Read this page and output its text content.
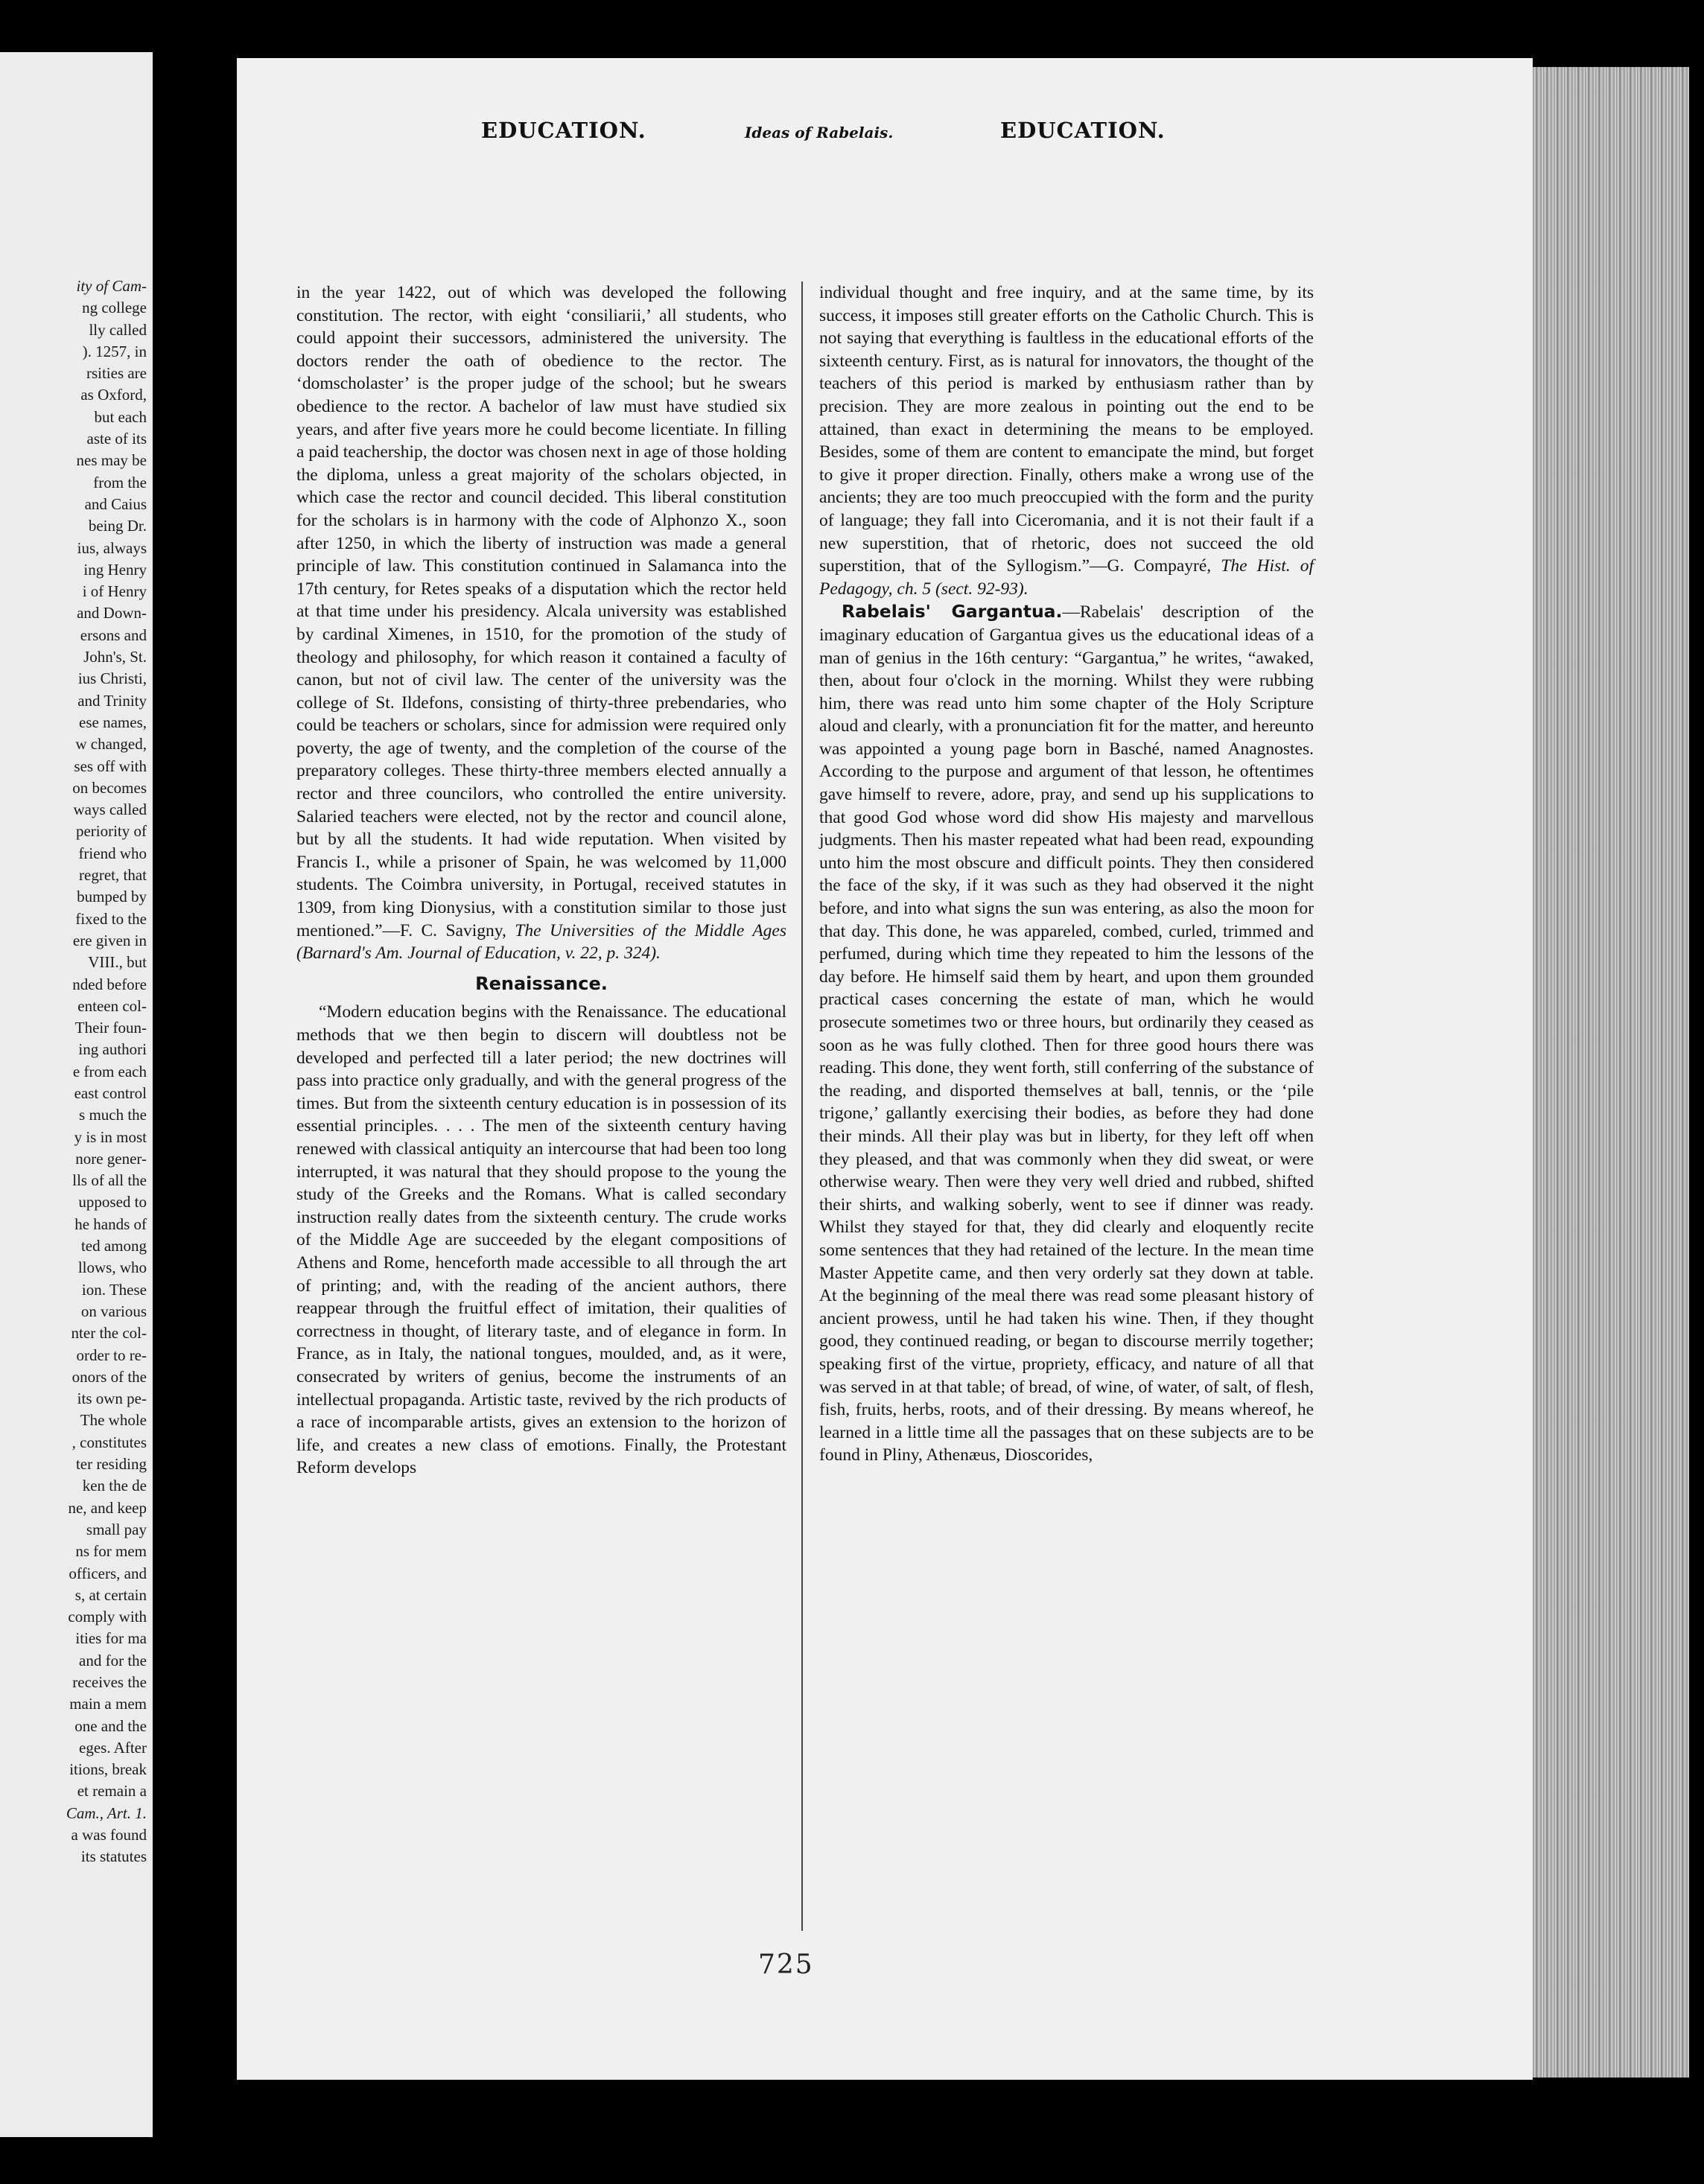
ity of Cam-
ng college
lly called
). 1257, in
rsities are
as Oxford,
but each
aste of its
nes may be
from the
and Caius
being Dr.
ius, always
ing Henry
i of Henry
and Down-
ersons and
John's, St.
ius Christi,
and Trinity
ese names,
w changed,
ses off with
on becomes
ways called
periority of
friend who
regret, that
bumped by
fixed to the
ere given in
VIII., but
nded before
enteen col-
Their foun-
ing authori
e from each
east control
s much the
y is in most
nore gener-
lls of all the
upposed to
he hands of
ted among
llows, who
ion. These
on various
nter the col-
order to re-
onors of the
its own pe-
The whole
, constitutes
ter residing
ken the de
ne, and keep
small pay
ns for mem
officers, and
s, at certain
comply with
ities for ma
and for the
receives the
main a mem
one and the
eges. After
itions, break
et remain a
Cam., Art. 1.
a was found
its statutes
EDUCATION.	Ideas of Rabelais.	EDUCATION.

in the year 1422, out of which was developed the following constitution. The rector, with eight ‘consiliarii,’ all students, who could appoint their successors, administered the university. The doctors render the oath of obedience to the rector. The ‘domscholaster’ is the proper judge of the school; but he swears obedience to the rector. A bachelor of law must have studied six years, and after five years more he could become licentiate. In filling a paid teachership, the doctor was chosen next in age of those holding the diploma, unless a great majority of the scholars objected, in which case the rector and council decided. This liberal constitution for the scholars is in harmony with the code of Alphonzo X., soon after 1250, in which the liberty of instruction was made a general principle of law. This constitution continued in Salamanca into the 17th century, for Retes speaks of a disputation which the rector held at that time under his presidency. Alcala university was established by cardinal Ximenes, in 1510, for the promotion of the study of theology and philosophy, for which reason it contained a faculty of canon, but not of civil law. The center of the university was the college of St. Ildefons, consisting of thirty-three prebendaries, who could be teachers or scholars, since for admission were required only poverty, the age of twenty, and the completion of the course of the preparatory colleges. These thirty-three members elected annually a rector and three councilors, who controlled the entire university. Salaried teachers were elected, not by the rector and council alone, but by all the students. It had wide reputation. When visited by Francis I., while a prisoner of Spain, he was welcomed by 11,000 students. The Coimbra university, in Portugal, received statutes in 1309, from king Dionysius, with a constitution similar to those just mentioned.”—F. C. Savigny, The Universities of the Middle Ages (Barnard's Am. Journal of Education, v. 22, p. 324).

Renaissance.

“Modern education begins with the Renaissance. The educational methods that we then begin to discern will doubtless not be developed and perfected till a later period; the new doctrines will pass into practice only gradually, and with the general progress of the times. But from the sixteenth century education is in possession of its essential principles. . . . The men of the sixteenth century having renewed with classical antiquity an intercourse that had been too long interrupted, it was natural that they should propose to the young the study of the Greeks and the Romans. What is called secondary instruction really dates from the sixteenth century. The crude works of the Middle Age are succeeded by the elegant compositions of Athens and Rome, henceforth made accessible to all through the art of printing; and, with the reading of the ancient authors, there reappear through the fruitful effect of imitation, their qualities of correctness in thought, of literary taste, and of elegance in form. In France, as in Italy, the national tongues, moulded, and, as it were, consecrated by writers of genius, become the instruments of an intellectual propaganda. Artistic taste, revived by the rich products of a race of incomparable artists, gives an extension to the horizon of life, and creates a new class of emotions. Finally, the Protestant Reform develops

individual thought and free inquiry, and at the same time, by its success, it imposes still greater efforts on the Catholic Church. This is not saying that everything is faultless in the educational efforts of the sixteenth century. First, as is natural for innovators, the thought of the teachers of this period is marked by enthusiasm rather than by precision. They are more zealous in pointing out the end to be attained, than exact in determining the means to be employed. Besides, some of them are content to emancipate the mind, but forget to give it proper direction. Finally, others make a wrong use of the ancients; they are too much preoccupied with the form and the purity of language; they fall into Ciceromania, and it is not their fault if a new superstition, that of rhetoric, does not succeed the old superstition, that of the Syllogism.”—G. Compayré, The Hist. of Pedagogy, ch. 5 (sect. 92-93).

Rabelais' Gargantua.—Rabelais' description of the imaginary education of Gargantua gives us the educational ideas of a man of genius in the 16th century: “Gargantua,” he writes, “awaked, then, about four o'clock in the morning. Whilst they were rubbing him, there was read unto him some chapter of the Holy Scripture aloud and clearly, with a pronunciation fit for the matter, and hereunto was appointed a young page born in Basché, named Anagnostes. According to the purpose and argument of that lesson, he oftentimes gave himself to revere, adore, pray, and send up his supplications to that good God whose word did show His majesty and marvellous judgments. Then his master repeated what had been read, expounding unto him the most obscure and difficult points. They then considered the face of the sky, if it was such as they had observed it the night before, and into what signs the sun was entering, as also the moon for that day. This done, he was appareled, combed, curled, trimmed and perfumed, during which time they repeated to him the lessons of the day before. He himself said them by heart, and upon them grounded practical cases concerning the estate of man, which he would prosecute sometimes two or three hours, but ordinarily they ceased as soon as he was fully clothed. Then for three good hours there was reading. This done, they went forth, still conferring of the substance of the reading, and disported themselves at ball, tennis, or the ‘pile trigone,’ gallantly exercising their bodies, as before they had done their minds. All their play was but in liberty, for they left off when they pleased, and that was commonly when they did sweat, or were otherwise weary. Then were they very well dried and rubbed, shifted their shirts, and walking soberly, went to see if dinner was ready. Whilst they stayed for that, they did clearly and eloquently recite some sentences that they had retained of the lecture. In the mean time Master Appetite came, and then very orderly sat they down at table. At the beginning of the meal there was read some pleasant history of ancient prowess, until he had taken his wine. Then, if they thought good, they continued reading, or began to discourse merrily together; speaking first of the virtue, propriety, efficacy, and nature of all that was served in at that table; of bread, of wine, of water, of salt, of flesh, fish, fruits, herbs, roots, and of their dressing. By means whereof, he learned in a little time all the passages that on these subjects are to be found in Pliny, Athenæus, Dioscorides,

725
